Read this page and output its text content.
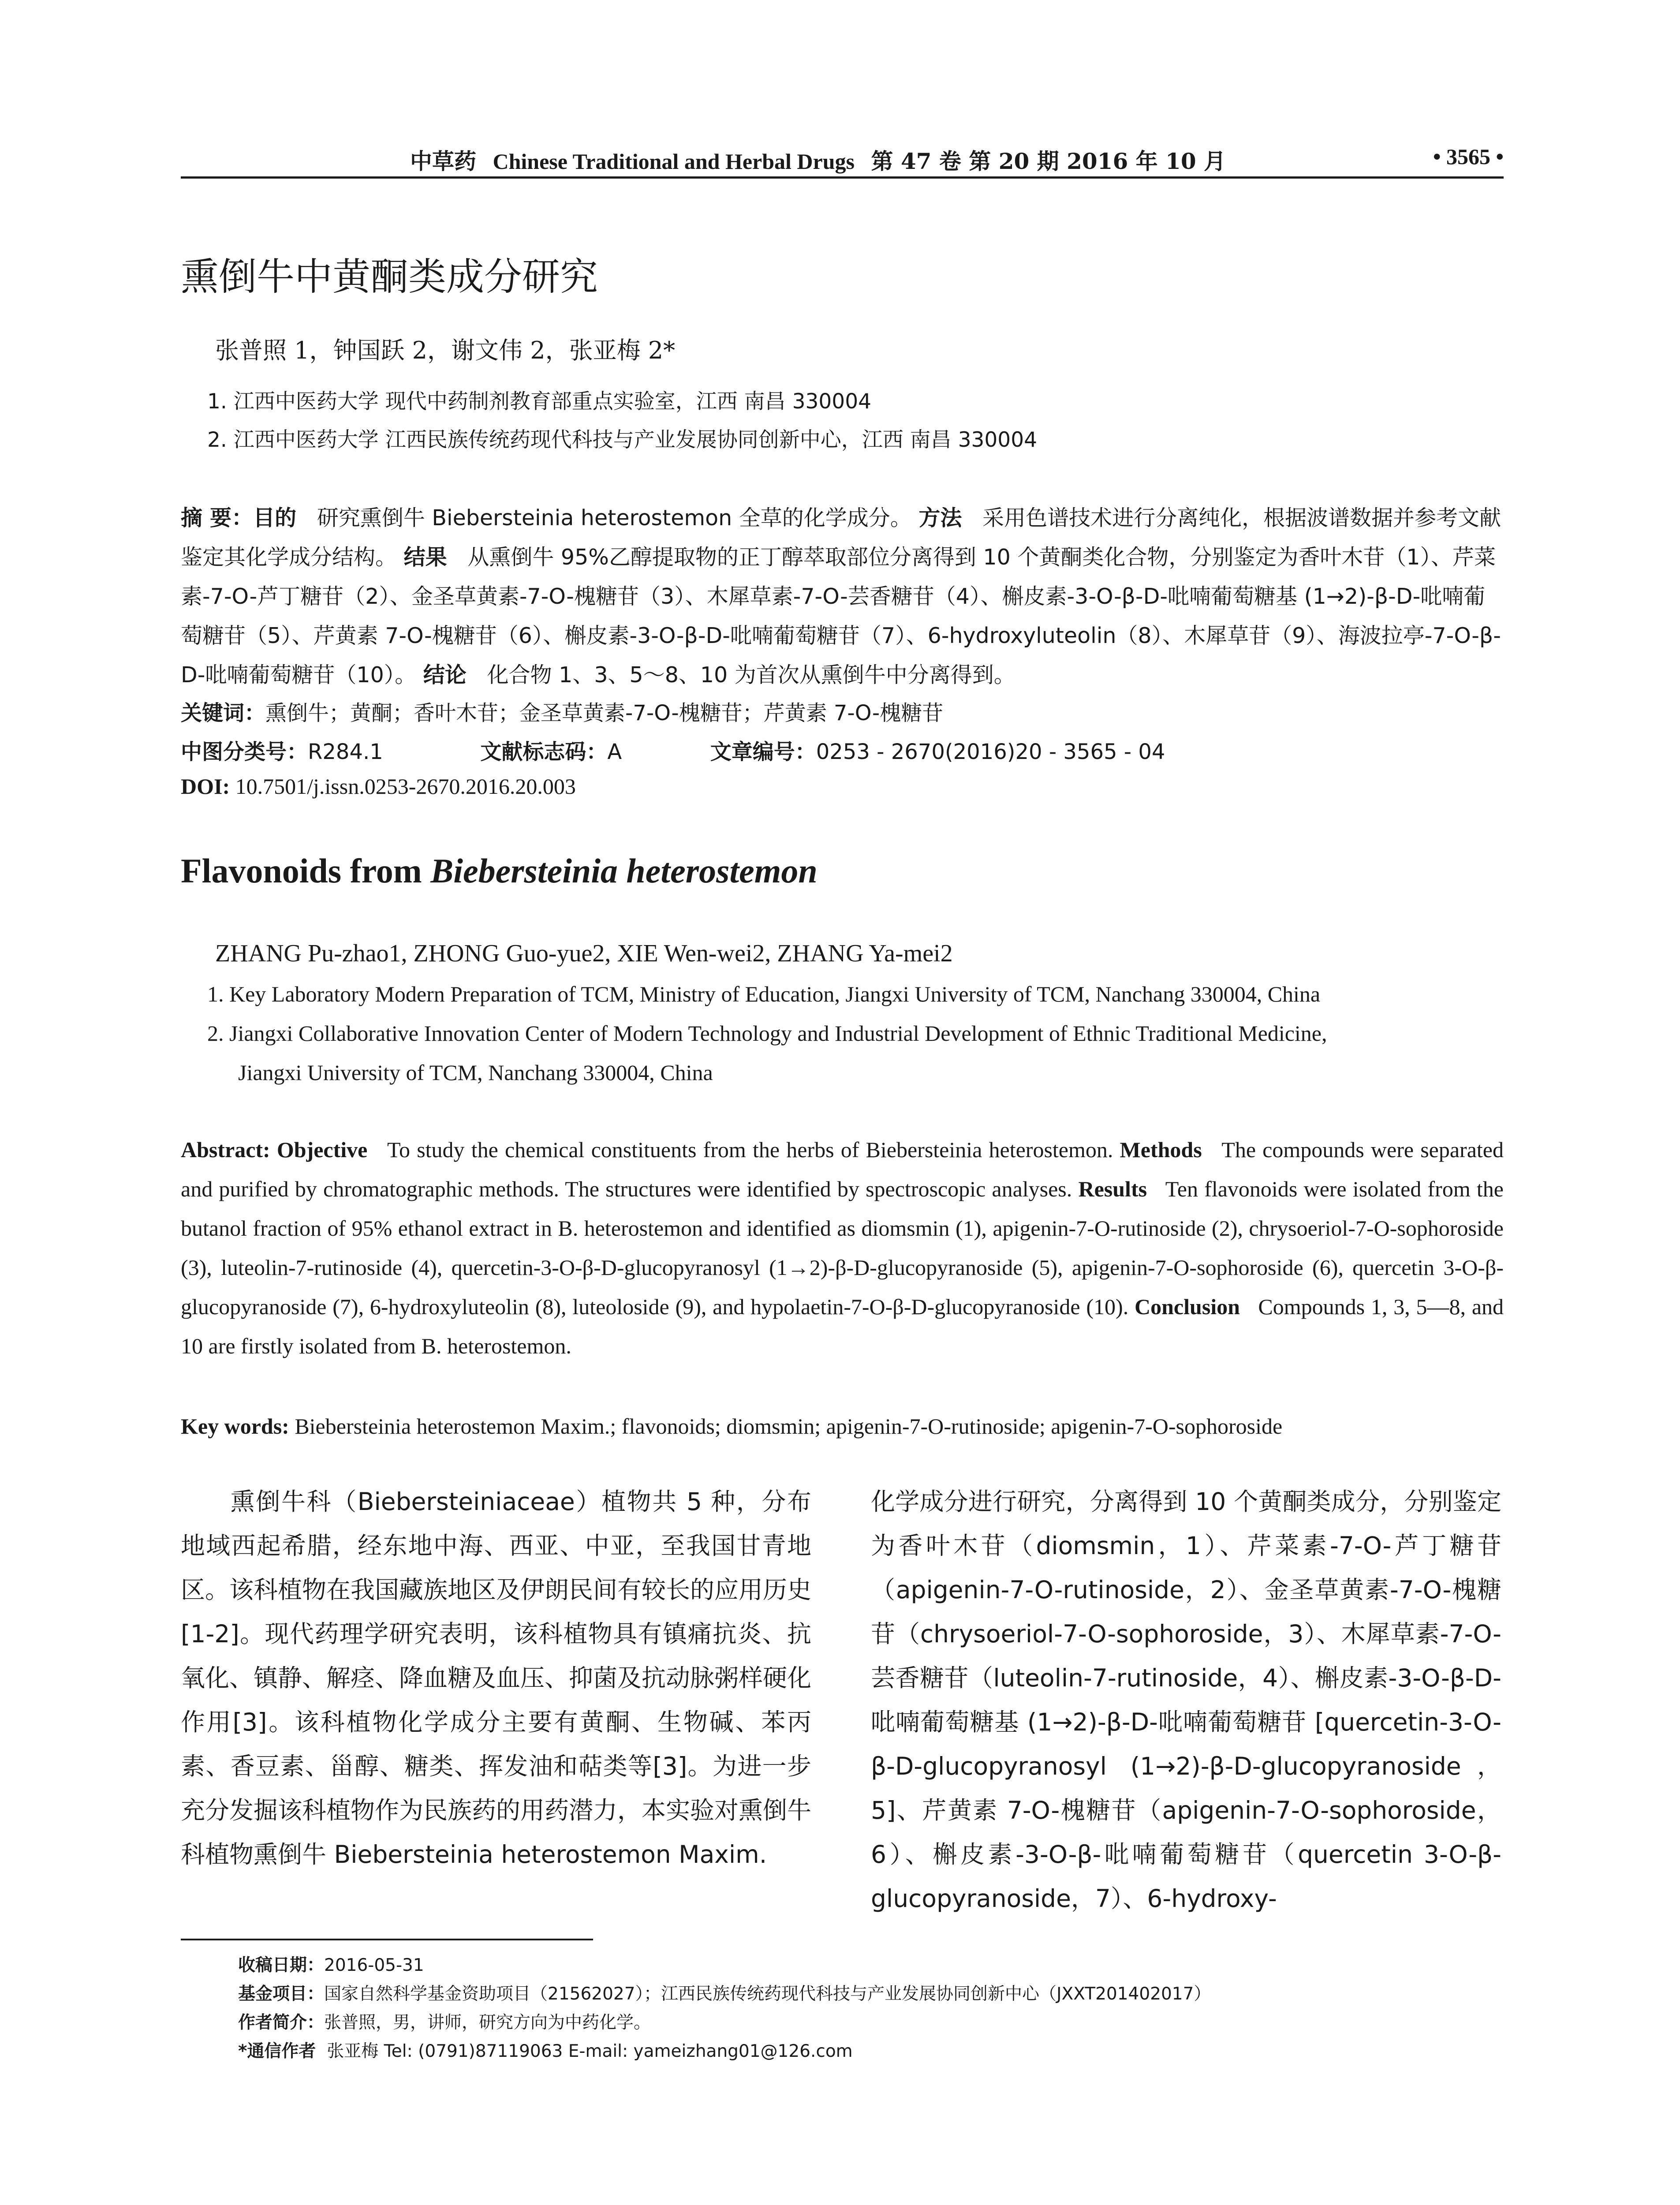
中草药 Chinese Traditional and Herbal Drugs 第 47 卷 第 20 期 2016 年 10 月	• 3565 •
熏倒牛中黄酮类成分研究
张普照 1，钟国跃 2，谢文伟 2，张亚梅 2*
1. 江西中医药大学 现代中药制剂教育部重点实验室，江西 南昌 330004
2. 江西中医药大学 江西民族传统药现代科技与产业发展协同创新中心，江西 南昌 330004
摘 要：目的 研究熏倒牛 Biebersteinia heterostemon 全草的化学成分。 方法 采用色谱技术进行分离纯化，根据波谱数据并参考文献鉴定其化学成分结构。 结果 从熏倒牛 95%乙醇提取物的正丁醇萃取部位分离得到 10 个黄酮类化合物，分别鉴定为香叶木苷（1）、芹菜素-7-O-芦丁糖苷（2）、金圣草黄素-7-O-槐糖苷（3）、木犀草素-7-O-芸香糖苷（4）、槲皮素-3-O-β-D-吡喃葡萄糖基 (1→2)-β-D-吡喃葡萄糖苷（5）、芹黄素 7-O-槐糖苷（6）、槲皮素-3-O-β-D-吡喃葡萄糖苷（7）、6-hydroxyluteolin（8）、木犀草苷（9）、海波拉亭-7-O-β-D-吡喃葡萄糖苷（10）。 结论 化合物 1、3、5～8、10 为首次从熏倒牛中分离得到。
关键词：熏倒牛；黄酮；香叶木苷；金圣草黄素-7-O-槐糖苷；芹黄素 7-O-槐糖苷
中图分类号：R284.1	文献标志码：A	文章编号：0253 - 2670(2016)20 - 3565 - 04
DOI: 10.7501/j.issn.0253-2670.2016.20.003
Flavonoids from Biebersteinia heterostemon
ZHANG Pu-zhao1, ZHONG Guo-yue2, XIE Wen-wei2, ZHANG Ya-mei2
1. Key Laboratory Modern Preparation of TCM, Ministry of Education, Jiangxi University of TCM, Nanchang 330004, China
2. Jiangxi Collaborative Innovation Center of Modern Technology and Industrial Development of Ethnic Traditional Medicine,
Jiangxi University of TCM, Nanchang 330004, China
Abstract: Objective To study the chemical constituents from the herbs of Biebersteinia heterostemon. Methods The compounds were separated and purified by chromatographic methods. The structures were identified by spectroscopic analyses. Results Ten flavonoids were isolated from the butanol fraction of 95% ethanol extract in B. heterostemon and identified as diomsmin (1), apigenin-7-O-rutinoside (2), chrysoeriol-7-O-sophoroside (3), luteolin-7-rutinoside (4), quercetin-3-O-β-D-glucopyranosyl (1→2)-β-D-glucopyranoside (5), apigenin-7-O-sophoroside (6), quercetin 3-O-β-glucopyranoside (7), 6-hydroxyluteolin (8), luteoloside (9), and hypolaetin-7-O-β-D-glucopyranoside (10). Conclusion Compounds 1, 3, 5—8, and 10 are firstly isolated from B. heterostemon.
Key words: Biebersteinia heterostemon Maxim.; flavonoids; diomsmin; apigenin-7-O-rutinoside; apigenin-7-O-sophoroside
熏倒牛科（Biebersteiniaceae）植物共 5 种，分布地域西起希腊，经东地中海、西亚、中亚，至我国甘青地区。该科植物在我国藏族地区及伊朗民间有较长的应用历史[1-2]。现代药理学研究表明，该科植物具有镇痛抗炎、抗氧化、镇静、解痉、降血糖及血压、抑菌及抗动脉粥样硬化作用[3]。该科植物化学成分主要有黄酮、生物碱、苯丙素、香豆素、甾醇、糖类、挥发油和萜类等[3]。为进一步充分发掘该科植物作为民族药的用药潜力，本实验对熏倒牛科植物熏倒牛 Biebersteinia heterostemon Maxim.
化学成分进行研究，分离得到 10 个黄酮类成分，分别鉴定为香叶木苷（diomsmin，1）、芹菜素-7-O-芦丁糖苷（apigenin-7-O-rutinoside，2）、金圣草黄素-7-O-槐糖苷（chrysoeriol-7-O-sophoroside，3）、木犀草素-7-O-芸香糖苷（luteolin-7-rutinoside，4）、槲皮素-3-O-β-D-吡喃葡萄糖基 (1→2)-β-D-吡喃葡萄糖苷 [quercetin-3-O-β-D-glucopyranosyl (1→2)-β-D-glucopyranoside，5]、芹黄素 7-O-槐糖苷（apigenin-7-O-sophoroside，6）、槲皮素-3-O-β-吡喃葡萄糖苷（quercetin 3-O-β-glucopyranoside，7）、6-hydroxy-
收稿日期：2016-05-31
基金项目：国家自然科学基金资助项目（21562027）；江西民族传统药现代科技与产业发展协同创新中心（JXXT201402017）
作者简介：张普照，男，讲师，研究方向为中药化学。
*通信作者 张亚梅 Tel: (0791)87119063 E-mail: yameizhang01@126.com
